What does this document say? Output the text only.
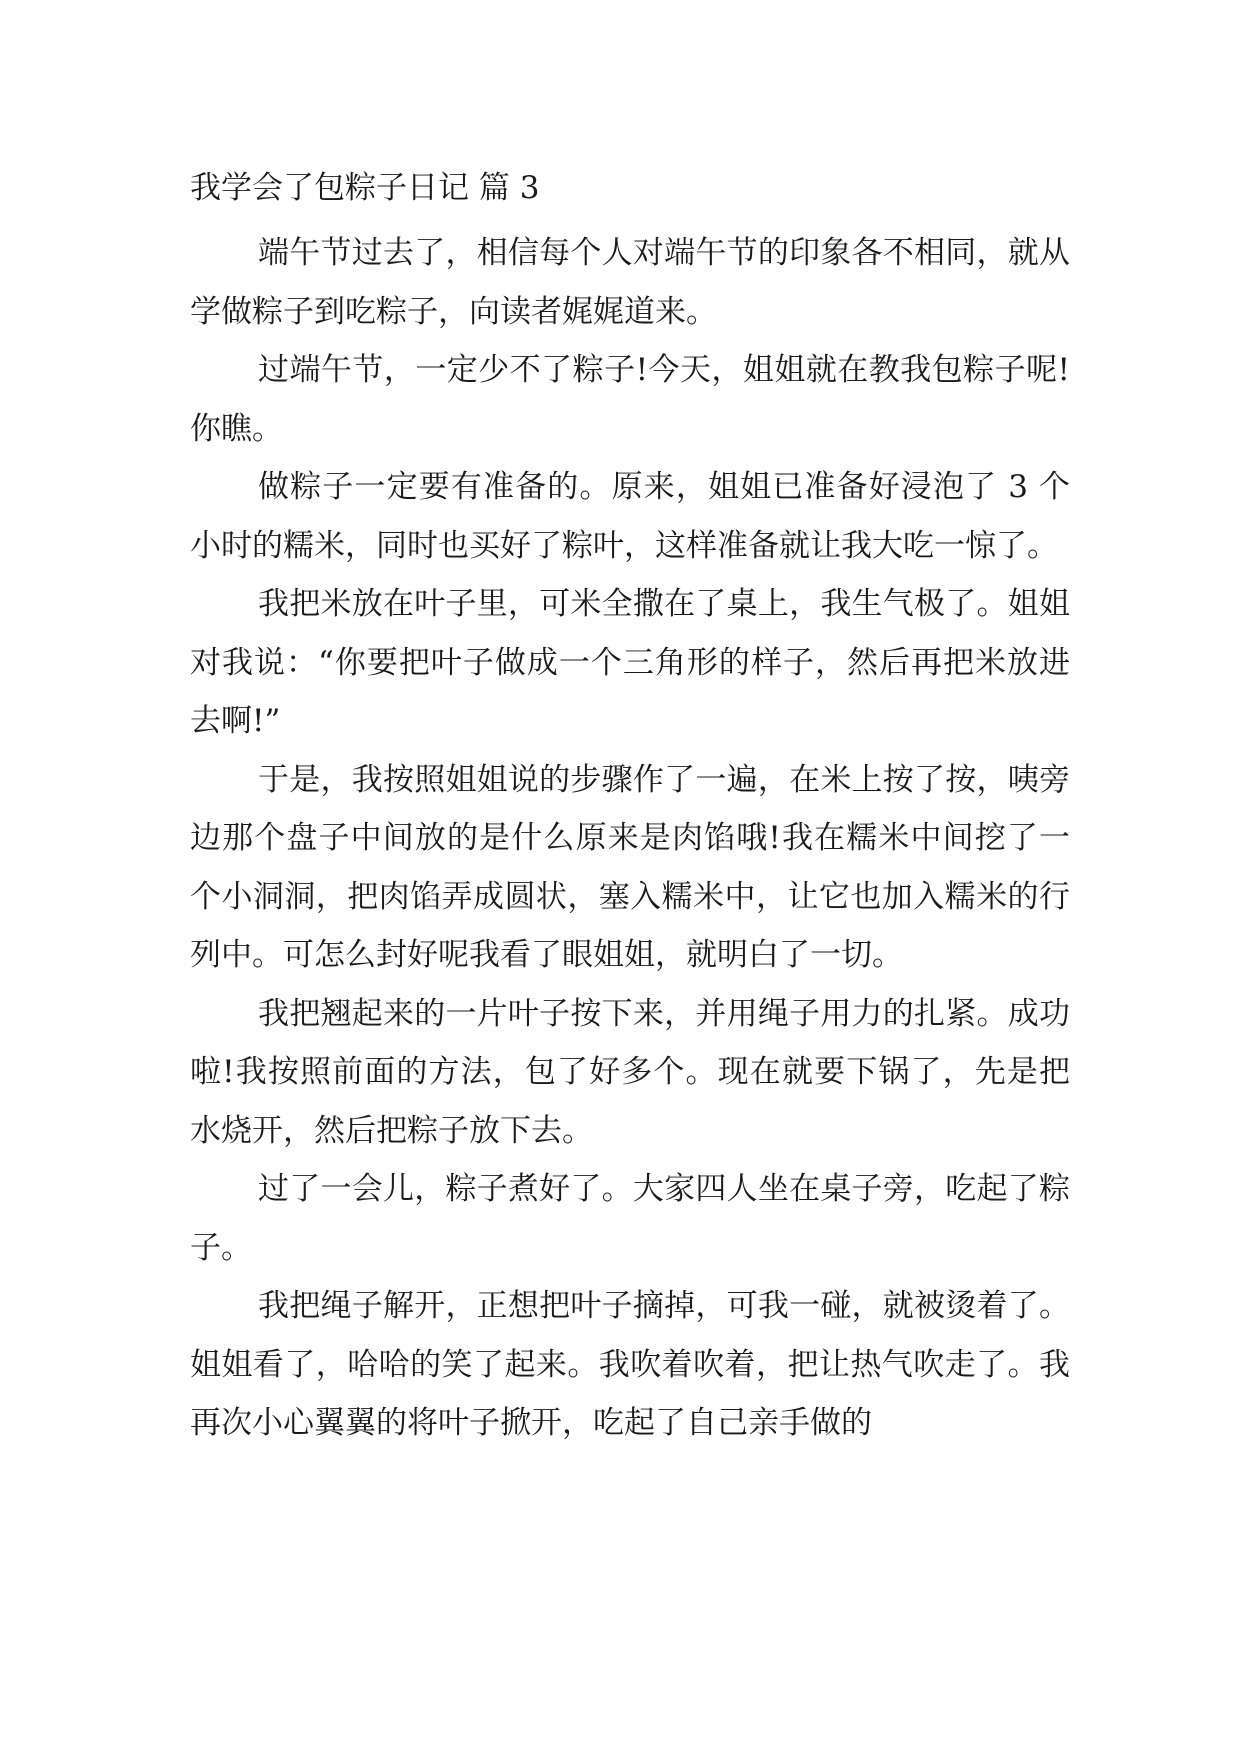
我学会了包粽子日记 篇 3

端午节过去了，相信每个人对端午节的印象各不相同，就从学做粽子到吃粽子，向读者娓娓道来。

过端午节，一定少不了粽子!今天，姐姐就在教我包粽子呢!你瞧。

做粽子一定要有准备的。原来，姐姐已准备好浸泡了 3 个小时的糯米，同时也买好了粽叶，这样准备就让我大吃一惊了。

我把米放在叶子里，可米全撒在了桌上，我生气极了。姐姐对我说：“你要把叶子做成一个三角形的样子，然后再把米放进去啊!”

于是，我按照姐姐说的步骤作了一遍，在米上按了按，咦旁边那个盘子中间放的是什么原来是肉馅哦!我在糯米中间挖了一个小洞洞，把肉馅弄成圆状，塞入糯米中，让它也加入糯米的行列中。可怎么封好呢我看了眼姐姐，就明白了一切。

我把翘起来的一片叶子按下来，并用绳子用力的扎紧。成功啦!我按照前面的方法，包了好多个。现在就要下锅了，先是把水烧开，然后把粽子放下去。

过了一会儿，粽子煮好了。大家四人坐在桌子旁，吃起了粽子。

我把绳子解开，正想把叶子摘掉，可我一碰，就被烫着了。姐姐看了，哈哈的笑了起来。我吹着吹着，把让热气吹走了。我再次小心翼翼的将叶子掀开，吃起了自己亲手做的
